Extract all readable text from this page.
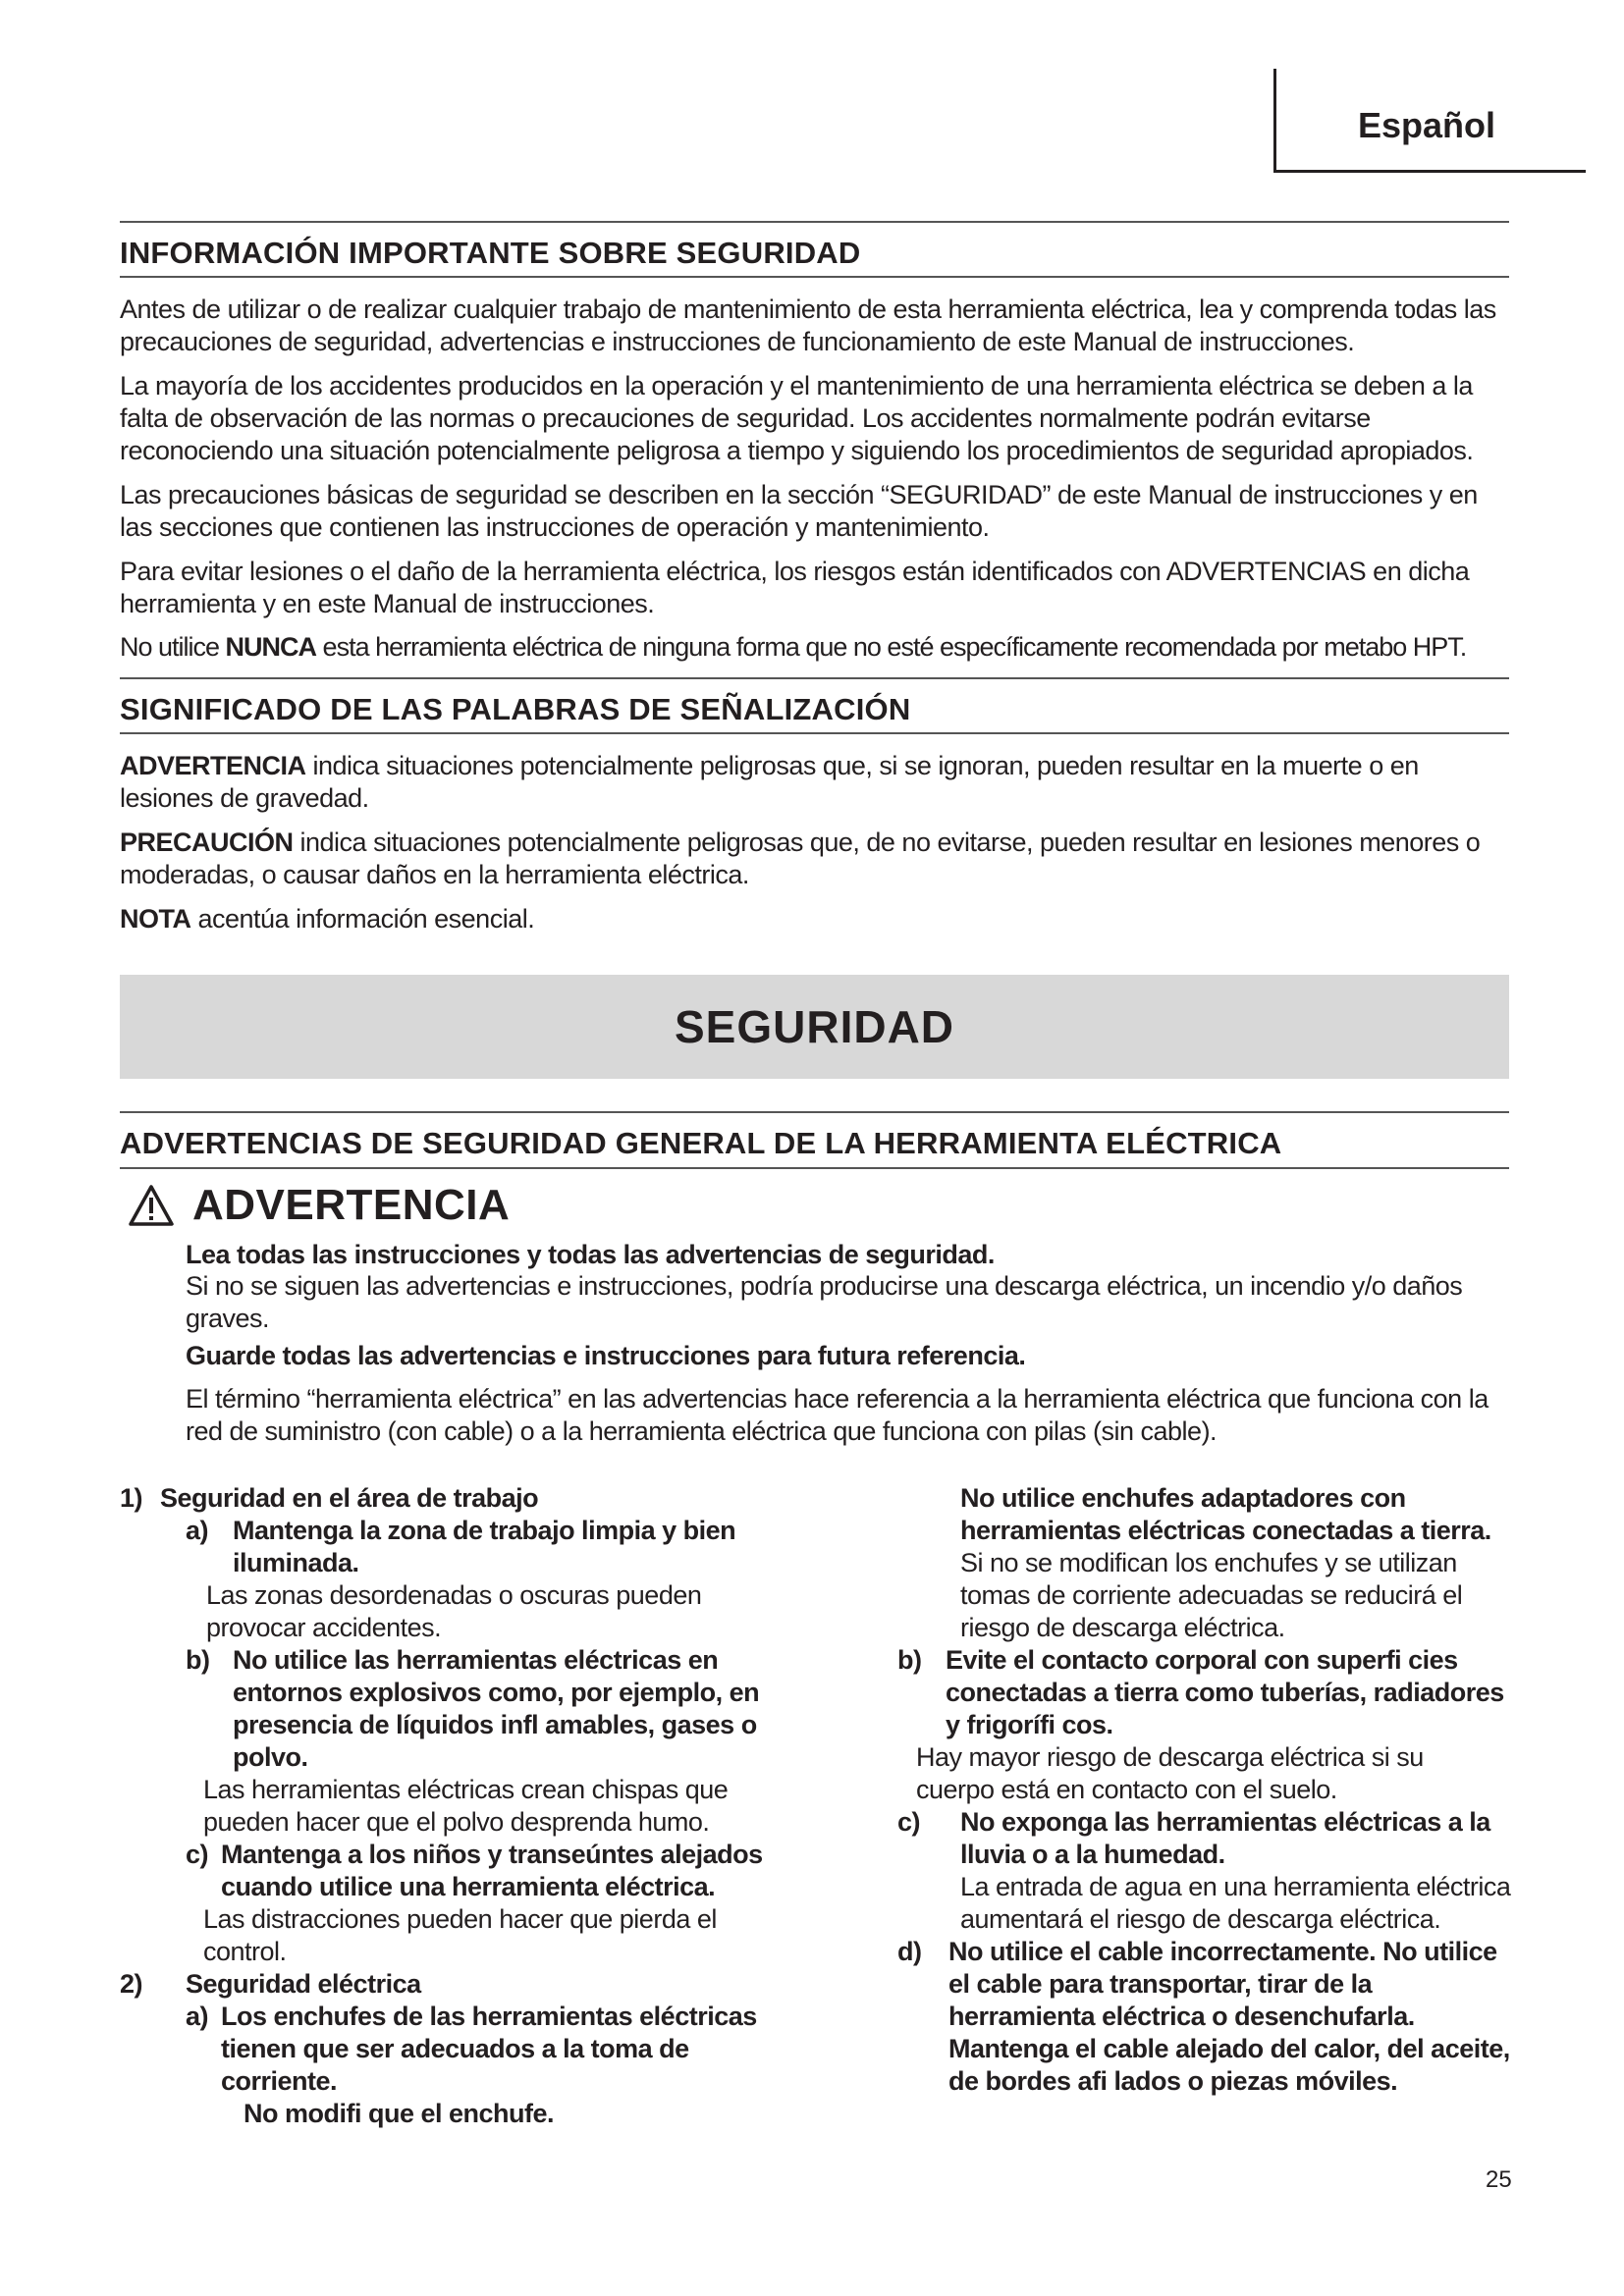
Español
INFORMACIÓN IMPORTANTE SOBRE SEGURIDAD
Antes de utilizar o de realizar cualquier trabajo de mantenimiento de esta herramienta eléctrica, lea y comprenda todas las precauciones de seguridad, advertencias e instrucciones de funcionamiento de este Manual de instrucciones.
La mayoría de los accidentes producidos en la operación y el mantenimiento de una herramienta eléctrica se deben a la falta de observación de las normas o precauciones de seguridad. Los accidentes normalmente podrán evitarse reconociendo una situación potencialmente peligrosa a tiempo y siguiendo los procedimientos de seguridad apropiados.
Las precauciones básicas de seguridad se describen en la sección “SEGURIDAD” de este Manual de instrucciones y en las secciones que contienen las instrucciones de operación y mantenimiento.
Para evitar lesiones o el daño de la herramienta eléctrica, los riesgos están identificados con ADVERTENCIAS en dicha herramienta y en este Manual de instrucciones.
No utilice NUNCA esta herramienta eléctrica de ninguna forma que no esté específicamente recomendada por metabo HPT.
SIGNIFICADO DE LAS PALABRAS DE SEÑALIZACIÓN
ADVERTENCIA indica situaciones potencialmente peligrosas que, si se ignoran, pueden resultar en la muerte o en lesiones de gravedad.
PRECAUCIÓN indica situaciones potencialmente peligrosas que, de no evitarse, pueden resultar en lesiones menores o moderadas, o causar daños en la herramienta eléctrica.
NOTA acentúa información esencial.
SEGURIDAD
ADVERTENCIAS DE SEGURIDAD GENERAL DE LA HERRAMIENTA ELÉCTRICA
ADVERTENCIA
Lea todas las instrucciones y todas las advertencias de seguridad.
Si no se siguen las advertencias e instrucciones, podría producirse una descarga eléctrica, un incendio y/o daños graves.
Guarde todas las advertencias e instrucciones para futura referencia.
El término “herramienta eléctrica” en las advertencias hace referencia a la herramienta eléctrica que funciona con la red de suministro (con cable) o a la herramienta eléctrica que funciona con pilas (sin cable).
1) Seguridad en el área de trabajo
a) Mantenga la zona de trabajo limpia y bien iluminada.
Las zonas desordenadas o oscuras pueden provocar accidentes.
b) No utilice las herramientas eléctricas en entornos explosivos como, por ejemplo, en presencia de líquidos infl amables, gases o polvo.
Las herramientas eléctricas crean chispas que pueden hacer que el polvo desprenda humo.
c) Mantenga a los niños y transeúntes alejados cuando utilice una herramienta eléctrica.
Las distracciones pueden hacer que pierda el control.
2) Seguridad eléctrica
a) Los enchufes de las herramientas eléctricas tienen que ser adecuados a la toma de corriente.
No modifi que el enchufe.
No utilice enchufes adaptadores con herramientas eléctricas conectadas a tierra.
Si no se modifican los enchufes y se utilizan tomas de corriente adecuadas se reducirá el riesgo de descarga eléctrica.
b) Evite el contacto corporal con superfi cies conectadas a tierra como tuberías, radiadores y frigorífi cos.
Hay mayor riesgo de descarga eléctrica si su cuerpo está en contacto con el suelo.
c) No exponga las herramientas eléctricas a la lluvia o a la humedad.
La entrada de agua en una herramienta eléctrica aumentará el riesgo de descarga eléctrica.
d) No utilice el cable incorrectamente. No utilice el cable para transportar, tirar de la herramienta eléctrica o desenchufarla. Mantenga el cable alejado del calor, del aceite, de bordes afi lados o piezas móviles.
25
